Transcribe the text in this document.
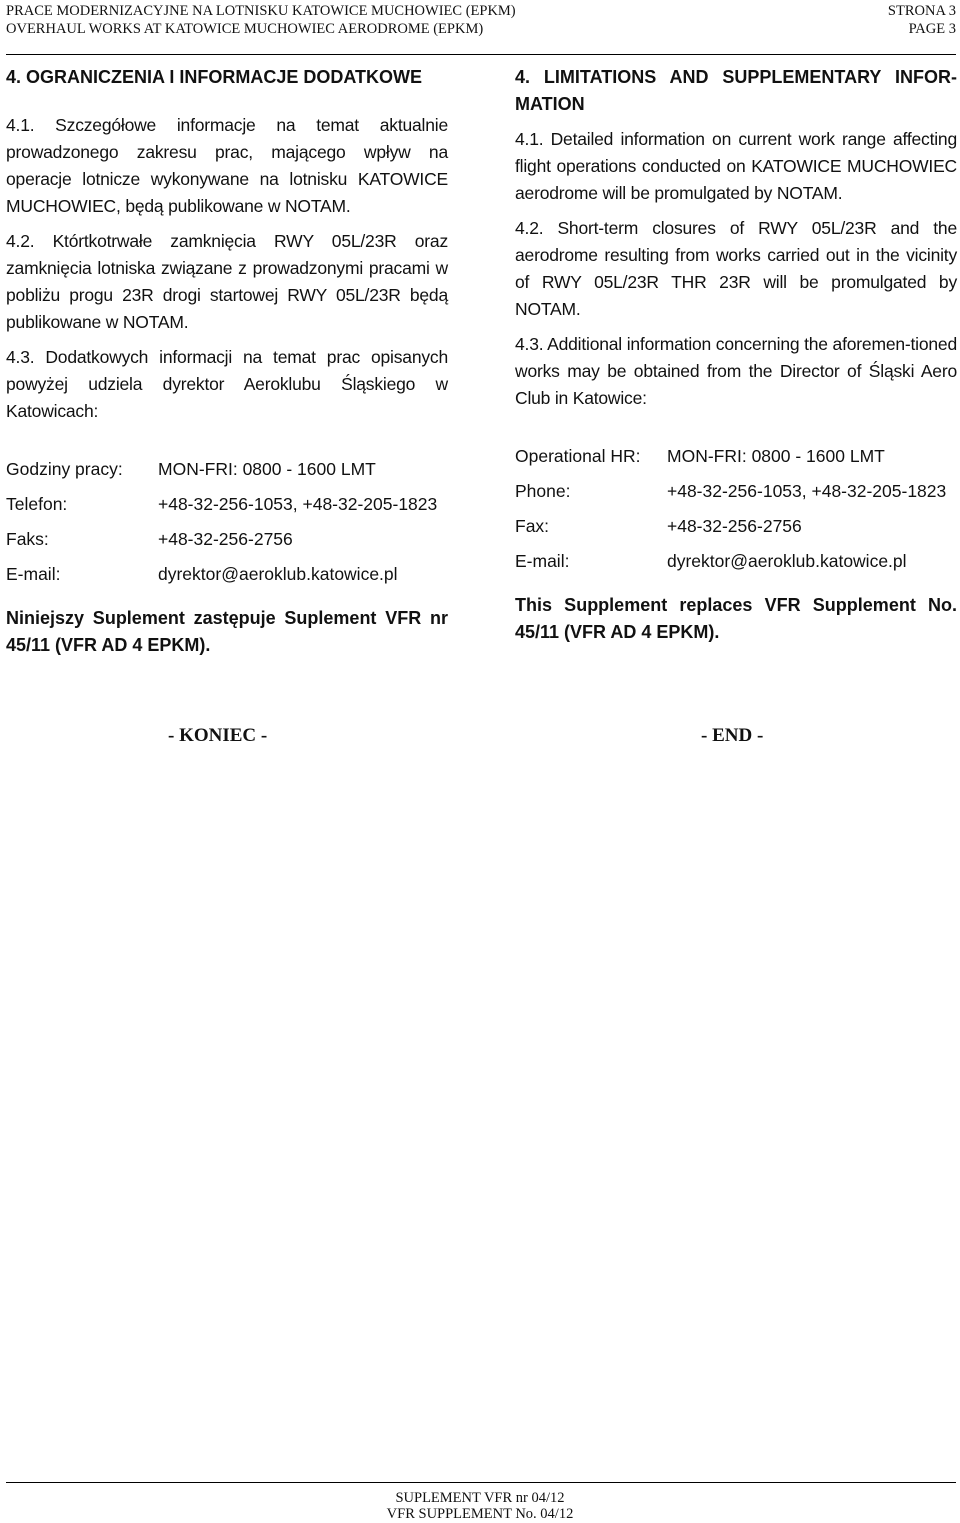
PRACE MODERNIZACYJNE NA LOTNISKU KATOWICE MUCHOWIEC (EPKM)
OVERHAUL WORKS AT KATOWICE MUCHOWIEC AERODROME (EPKM)
STRONA 3
PAGE 3
4. OGRANICZENIA I INFORMACJE DODATKOWE

4.1. Szczegółowe informacje na temat aktualnie prowadzonego zakresu prac, mającego wpływ na operacje lotnicze wykonywane na lotnisku KATOWICE MUCHOWIEC, będą publikowane w NOTAM.

4.2. Którtkotrwałe zamknięcia RWY 05L/23R oraz zamknięcia lotniska związane z prowadzonymi pracami w pobliżu progu 23R drogi startowej RWY 05L/23R będą publikowane w NOTAM.

4.3. Dodatkowych informacji na temat prac opisanych powyżej udziela dyrektor Aeroklubu Śląskiego w Katowicach:

Godziny pracy: MON-FRI: 0800 - 1600 LMT
Telefon:	+48-32-256-1053, +48-32-205-1823
Faks:	+48-32-256-2756
E-mail:	dyrektor@aeroklub.katowice.pl

Niniejszy Suplement zastępuje Suplement VFR nr 45/11 (VFR AD 4 EPKM).

4. LIMITATIONS AND SUPPLEMENTARY INFOR-MATION

4.1. Detailed information on current work range affecting flight operations conducted on KATOWICE MUCHOWIEC aerodrome will be promulgated by NOTAM.

4.2. Short-term closures of RWY 05L/23R and the aerodrome resulting from works carried out in the vicinity of RWY 05L/23R THR 23R will be promulgated by NOTAM.

4.3. Additional information concerning the aforemen-tioned works may be obtained from the Director of Śląski Aero Club in Katowice:

Operational HR: MON-FRI: 0800 - 1600 LMT
Phone:	+48-32-256-1053, +48-32-205-1823
Fax:	+48-32-256-2756
E-mail:	dyrektor@aeroklub.katowice.pl

This Supplement replaces VFR Supplement No. 45/11 (VFR AD 4 EPKM).

- KONIEC -	- END -
SUPLEMENT VFR nr 04/12
VFR SUPPLEMENT No. 04/12
